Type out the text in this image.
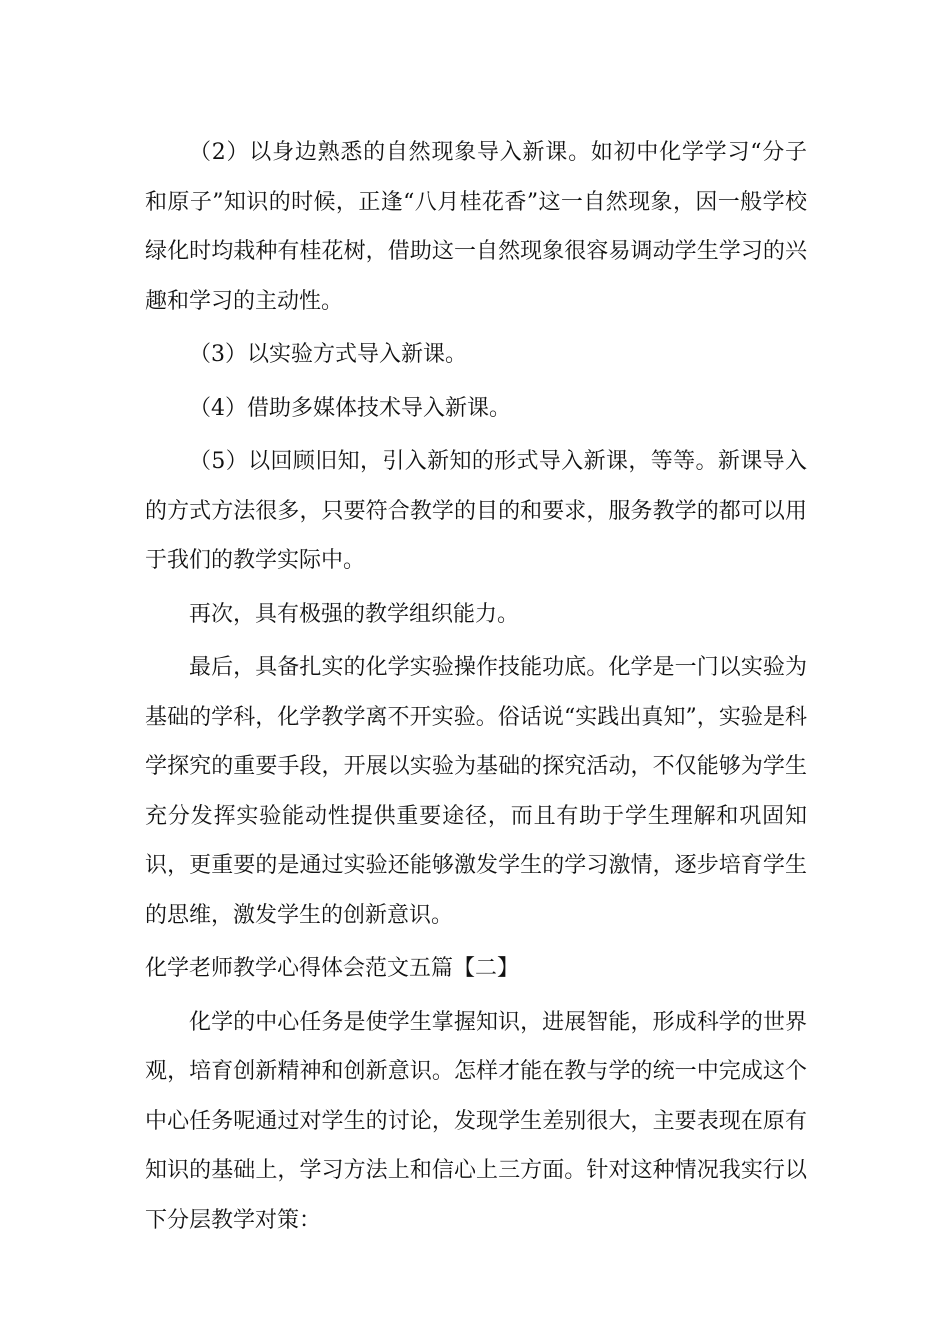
（2）以身边熟悉的自然现象导入新课。如初中化学学习“分子和原子”知识的时候，正逢“八月桂花香”这一自然现象，因一般学校绿化时均栽种有桂花树，借助这一自然现象很容易调动学生学习的兴趣和学习的主动性。

（3）以实验方式导入新课。

（4）借助多媒体技术导入新课。

（5）以回顾旧知，引入新知的形式导入新课，等等。新课导入的方式方法很多，只要符合教学的目的和要求，服务教学的都可以用于我们的教学实际中。

再次，具有极强的教学组织能力。

最后，具备扎实的化学实验操作技能功底。化学是一门以实验为基础的学科，化学教学离不开实验。俗话说“实践出真知”，实验是科学探究的重要手段，开展以实验为基础的探究活动，不仅能够为学生充分发挥实验能动性提供重要途径，而且有助于学生理解和巩固知识，更重要的是通过实验还能够激发学生的学习激情，逐步培育学生的思维，激发学生的创新意识。

化学老师教学心得体会范文五篇【二】

化学的中心任务是使学生掌握知识，进展智能，形成科学的世界观，培育创新精神和创新意识。怎样才能在教与学的统一中完成这个中心任务呢通过对学生的讨论，发现学生差别很大，主要表现在原有知识的基础上，学习方法上和信心上三方面。针对这种情况我实行以下分层教学对策：
